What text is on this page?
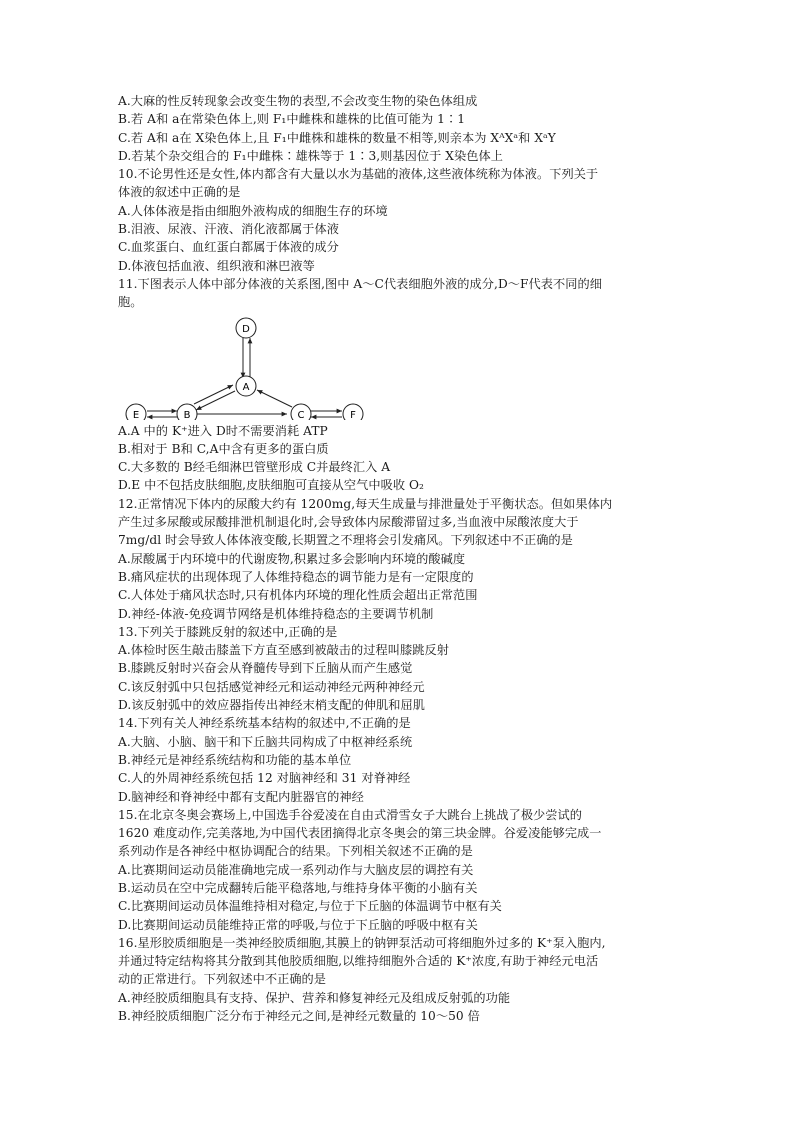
A.大麻的性反转现象会改变生物的表型,不会改变生物的染色体组成
B.若 A和 a在常染色体上,则 F₁中雌株和雄株的比值可能为 1∶1
C.若 A和 a在 X染色体上,且 F₁中雌株和雄株的数量不相等,则亲本为 XᴬXᵃ和 XᵃY
D.若某个杂交组合的 F₁中雌株∶雄株等于 1∶3,则基因位于 X染色体上
10.不论男性还是女性,体内都含有大量以水为基础的液体,这些液体统称为体液。下列关于
体液的叙述中正确的是
A.人体体液是指由细胞外液构成的细胞生存的环境
B.泪液、尿液、汗液、消化液都属于体液
C.血浆蛋白、血红蛋白都属于体液的成分
D.体液包括血液、组织液和淋巴液等
11.下图表示人体中部分体液的关系图,图中 A～C代表细胞外液的成分,D～F代表不同的细
胞。
D
A
E	B	C	F
A.A 中的 K⁺进入 D时不需要消耗 ATP
B.相对于 B和 C,A中含有更多的蛋白质
C.大多数的 B经毛细淋巴管壁形成 C并最终汇入 A
D.E 中不包括皮肤细胞,皮肤细胞可直接从空气中吸收 O₂
12.正常情况下体内的尿酸大约有 1200mg,每天生成量与排泄量处于平衡状态。但如果体内
产生过多尿酸或尿酸排泄机制退化时,会导致体内尿酸滞留过多,当血液中尿酸浓度大于
7mg/dl 时会导致人体体液变酸,长期置之不理将会引发痛风。下列叙述中不正确的是
A.尿酸属于内环境中的代谢废物,积累过多会影响内环境的酸碱度
B.痛风症状的出现体现了人体维持稳态的调节能力是有一定限度的
C.人体处于痛风状态时,只有机体内环境的理化性质会超出正常范围
D.神经-体液-免疫调节网络是机体维持稳态的主要调节机制
13.下列关于膝跳反射的叙述中,正确的是
A.体检时医生敲击膝盖下方直至感到被敲击的过程叫膝跳反射
B.膝跳反射时兴奋会从脊髓传导到下丘脑从而产生感觉
C.该反射弧中只包括感觉神经元和运动神经元两种神经元
D.该反射弧中的效应器指传出神经末梢支配的伸肌和屈肌
14.下列有关人神经系统基本结构的叙述中,不正确的是
A.大脑、小脑、脑干和下丘脑共同构成了中枢神经系统
B.神经元是神经系统结构和功能的基本单位
C.人的外周神经系统包括 12 对脑神经和 31 对脊神经
D.脑神经和脊神经中都有支配内脏器官的神经
15.在北京冬奥会赛场上,中国选手谷爱凌在自由式滑雪女子大跳台上挑战了极少尝试的
1620 难度动作,完美落地,为中国代表团摘得北京冬奥会的第三块金牌。谷爱凌能够完成一
系列动作是各神经中枢协调配合的结果。下列相关叙述不正确的是
A.比赛期间运动员能准确地完成一系列动作与大脑皮层的调控有关
B.运动员在空中完成翻转后能平稳落地,与维持身体平衡的小脑有关
C.比赛期间运动员体温维持相对稳定,与位于下丘脑的体温调节中枢有关
D.比赛期间运动员能维持正常的呼吸,与位于下丘脑的呼吸中枢有关
16.星形胶质细胞是一类神经胶质细胞,其膜上的钠钾泵活动可将细胞外过多的 K⁺泵入胞内,
并通过特定结构将其分散到其他胶质细胞,以维持细胞外合适的 K⁺浓度,有助于神经元电活
动的正常进行。下列叙述中不正确的是
A.神经胶质细胞具有支持、保护、营养和修复神经元及组成反射弧的功能
B.神经胶质细胞广泛分布于神经元之间,是神经元数量的 10～50 倍
